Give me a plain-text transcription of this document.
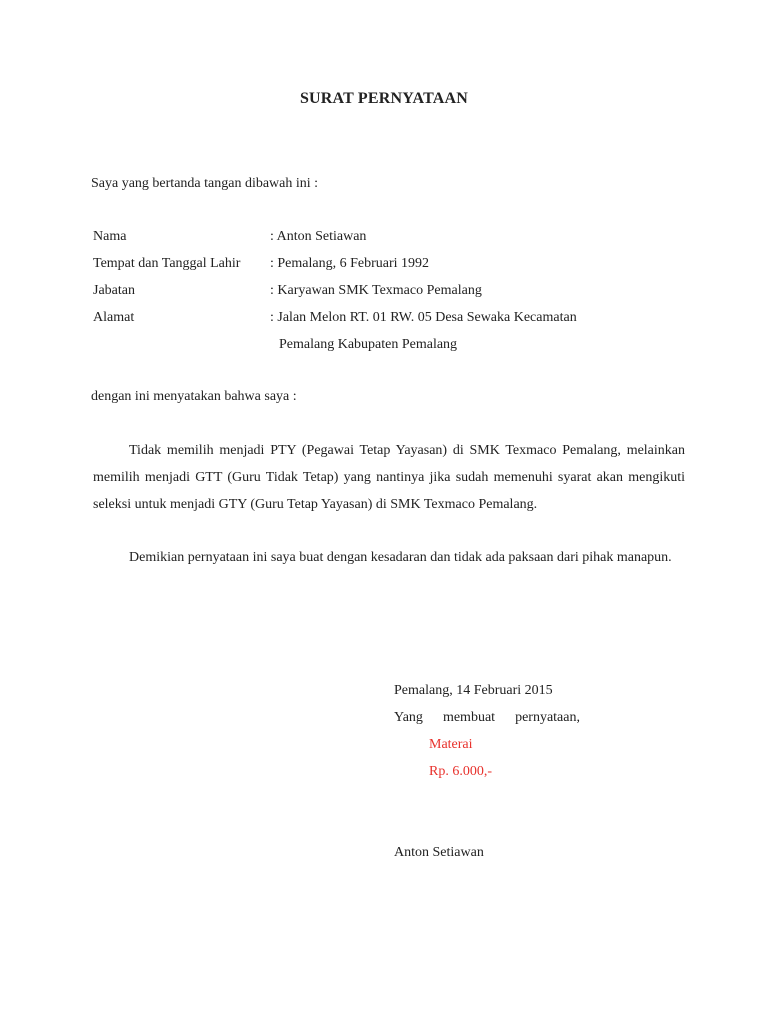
SURAT PERNYATAAN
Saya yang bertanda tangan dibawah ini :
Nama	: Anton Setiawan
Tempat dan Tanggal Lahir : Pemalang, 6 Februari 1992
Jabatan	: Karyawan SMK Texmaco Pemalang
Alamat	: Jalan Melon RT. 01 RW. 05 Desa Sewaka Kecamatan
Pemalang Kabupaten Pemalang
dengan ini menyatakan bahwa saya :

Tidak memilih menjadi PTY (Pegawai Tetap Yayasan) di SMK Texmaco Pemalang, melainkan memilih menjadi GTT (Guru Tidak Tetap) yang nantinya jika sudah memenuhi syarat akan mengikuti seleksi untuk menjadi GTY (Guru Tetap Yayasan) di SMK Texmaco Pemalang.

Demikian pernyataan ini saya buat dengan kesadaran dan tidak ada paksaan dari pihak manapun.

Pemalang, 14 Februari 2015
Yang membuat pernyataan,
Materai
Rp. 6.000,-
Anton Setiawan
